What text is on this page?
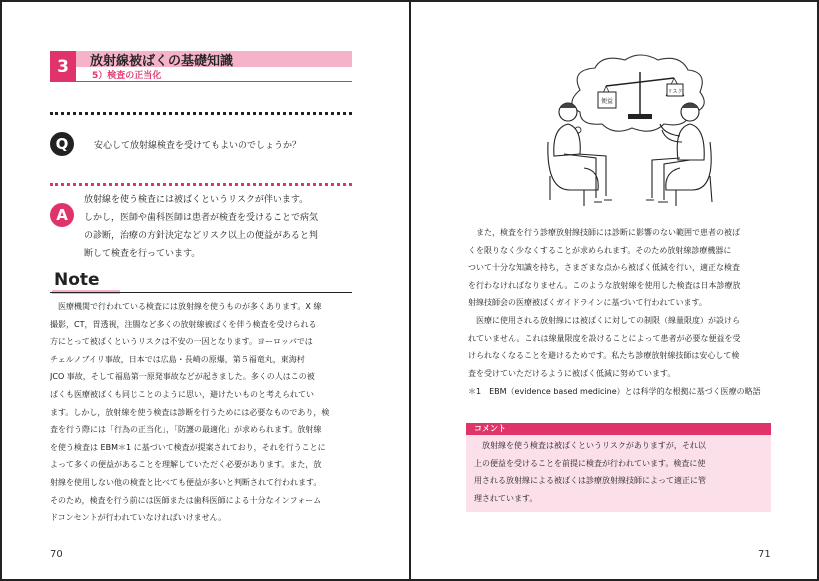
3	放射線被ばくの基礎知識
5）検査の正当化
Q	安心して放射線検査を受けてもよいのでしょうか？
A
放射線を使う検査には被ばくというリスクが伴います。
しかし，医師や歯科医師は患者が検査を受けることで病気
の診断，治療の方針決定などリスク以上の便益があると判
断して検査を行っています。
Note
　医療機関で行われている検査には放射線を使うものが多くあります。X 線
撮影，CT，胃透視，注腸など多くの放射線被ばくを伴う検査を受けられる
方にとって被ばくというリスクは不安の一因となります。ヨーロッパでは
チェルノブイリ事故，日本では広島・長崎の原爆，第５福竜丸，東海村
JCO 事故，そして福島第一原発事故などが起きました。多くの人はこの被
ばくも医療被ばくも同じことのように思い，避けたいものと考えられてい
ます。しかし，放射線を使う検査は診断を行うためには必要なものであり，検
査を行う際には「行為の正当化」，「防護の最適化」が求められます。放射線
を使う検査は EBM＊1 に基づいて検査が提案されており，それを行うことに
よって多くの便益があることを理解していただく必要があります。また，放
射線を使用しない他の検査と比べても便益が多いと判断されて行われます。
そのため，検査を行う前には医師または歯科医師による十分なインフォーム
ドコンセントが行われていなければいけません。
70
便益
リスク
　また，検査を行う診療放射線技師には診断に影響のない範囲で患者の被ば
くを限りなく少なくすることが求められます。そのため放射線診療機器に
ついて十分な知識を持ち，さまざまな点から被ばく低減を行い，適正な検査
を行わなければなりません。このような放射線を使用した検査は日本診療放
射線技師会の医療被ばくガイドラインに基づいて行われています。
　医療に使用される放射線には被ばくに対しての制限（線量限度）が設けら
れていません。これは線量限度を設けることによって患者が必要な便益を受
けられなくなることを避けるためです。私たち診療放射線技師は安心して検
査を受けていただけるように被ばく低減に努めています。
＊1　EBM（evidence based medicine）とは科学的な根拠に基づく医療の略語
コメント
　放射線を使う検査は被ばくというリスクがありますが，それ以
上の便益を受けることを前提に検査が行われています。検査に使
用される放射線による被ばくは診療放射線技師によって適正に管
理されています。
71
